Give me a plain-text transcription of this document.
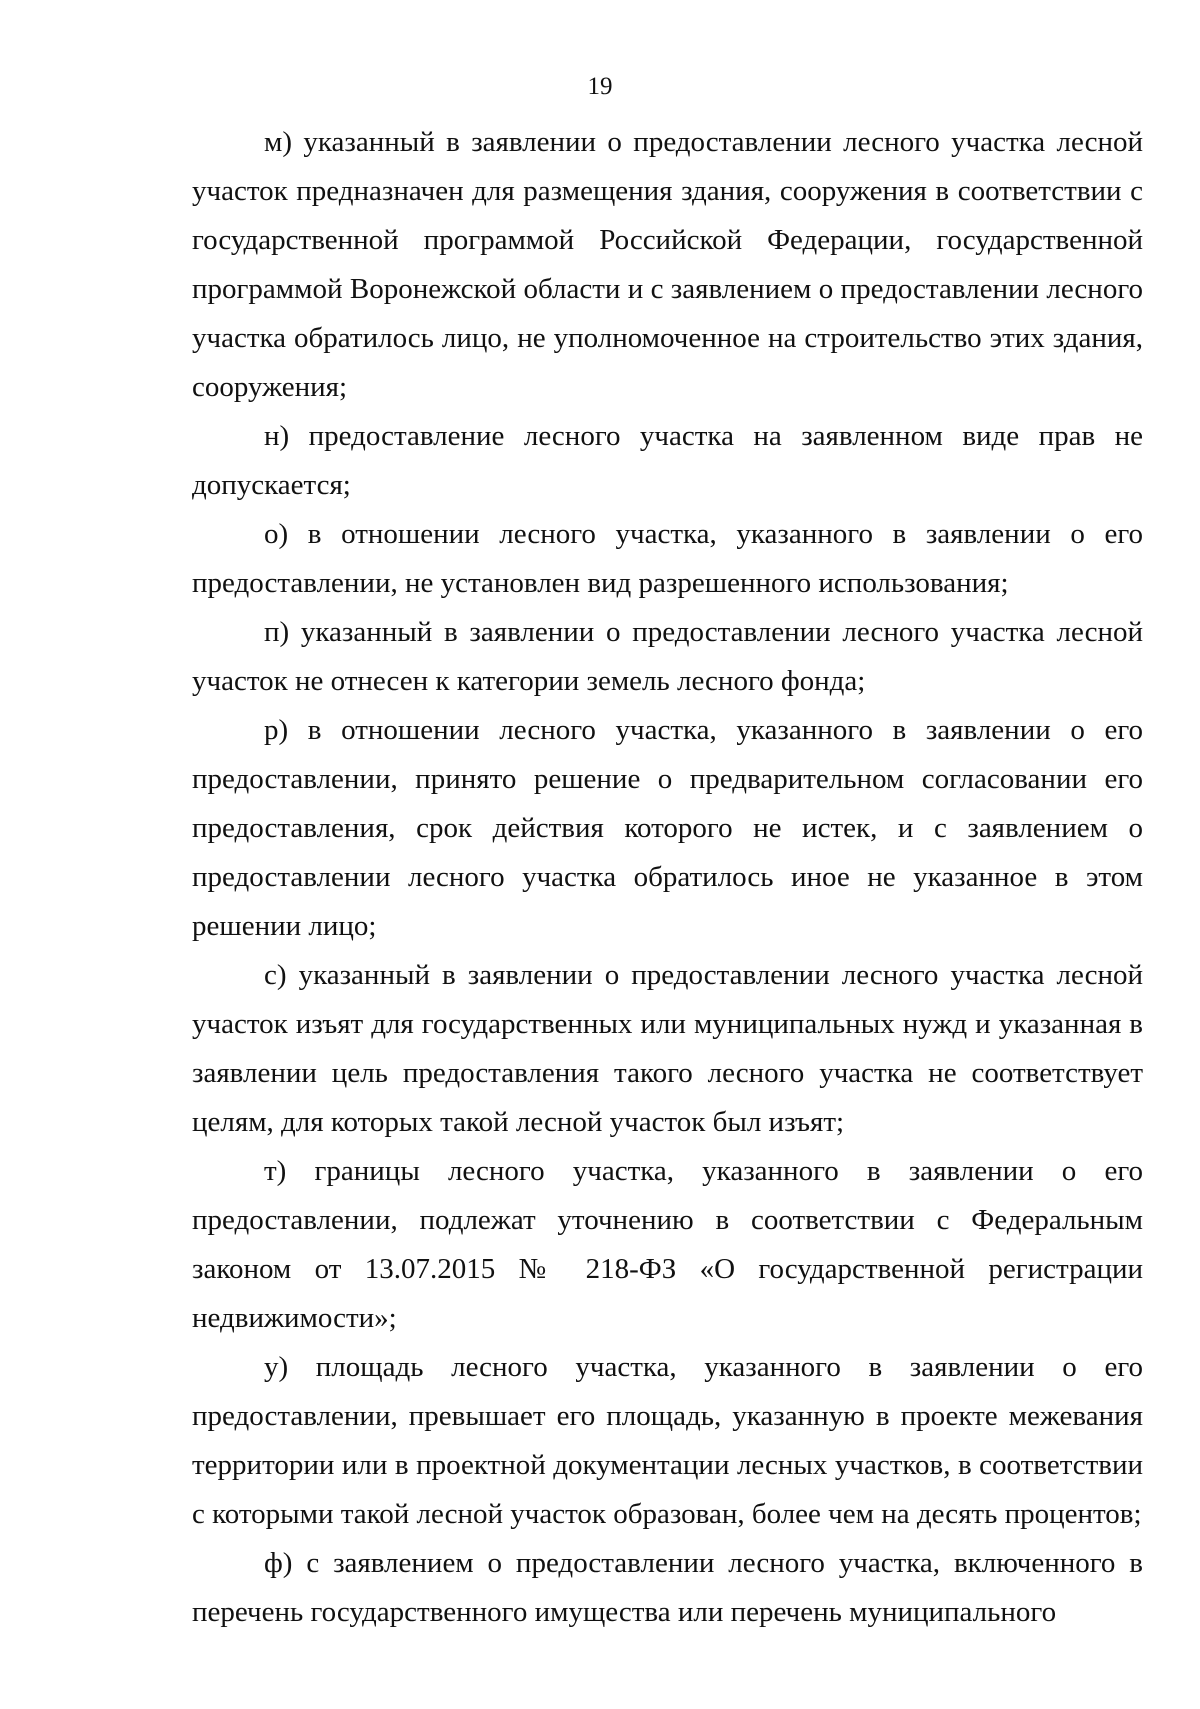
19

м) указанный в заявлении о предоставлении лесного участка лесной участок предназначен для размещения здания, сооружения в соответствии с государственной программой Российской Федерации, государственной программой Воронежской области и с заявлением о предоставлении лесного участка обратилось лицо, не уполномоченное на строительство этих здания, сооружения;

н) предоставление лесного участка на заявленном виде прав не допускается;

о) в отношении лесного участка, указанного в заявлении о его предоставлении, не установлен вид разрешенного использования;

п) указанный в заявлении о предоставлении лесного участка лесной участок не отнесен к категории земель лесного фонда;

р) в отношении лесного участка, указанного в заявлении о его предоставлении, принято решение о предварительном согласовании его предоставления, срок действия которого не истек, и с заявлением о предоставлении лесного участка обратилось иное не указанное в этом решении лицо;

с) указанный в заявлении о предоставлении лесного участка лесной участок изъят для государственных или муниципальных нужд и указанная в заявлении цель предоставления такого лесного участка не соответствует целям, для которых такой лесной участок был изъят;

т) границы лесного участка, указанного в заявлении о его предоставлении, подлежат уточнению в соответствии с Федеральным законом от 13.07.2015 № 218-ФЗ «О государственной регистрации недвижимости»;

у) площадь лесного участка, указанного в заявлении о его предоставлении, превышает его площадь, указанную в проекте межевания территории или в проектной документации лесных участков, в соответствии с которыми такой лесной участок образован, более чем на десять процентов;

ф) с заявлением о предоставлении лесного участка, включенного в перечень государственного имущества или перечень муниципального
